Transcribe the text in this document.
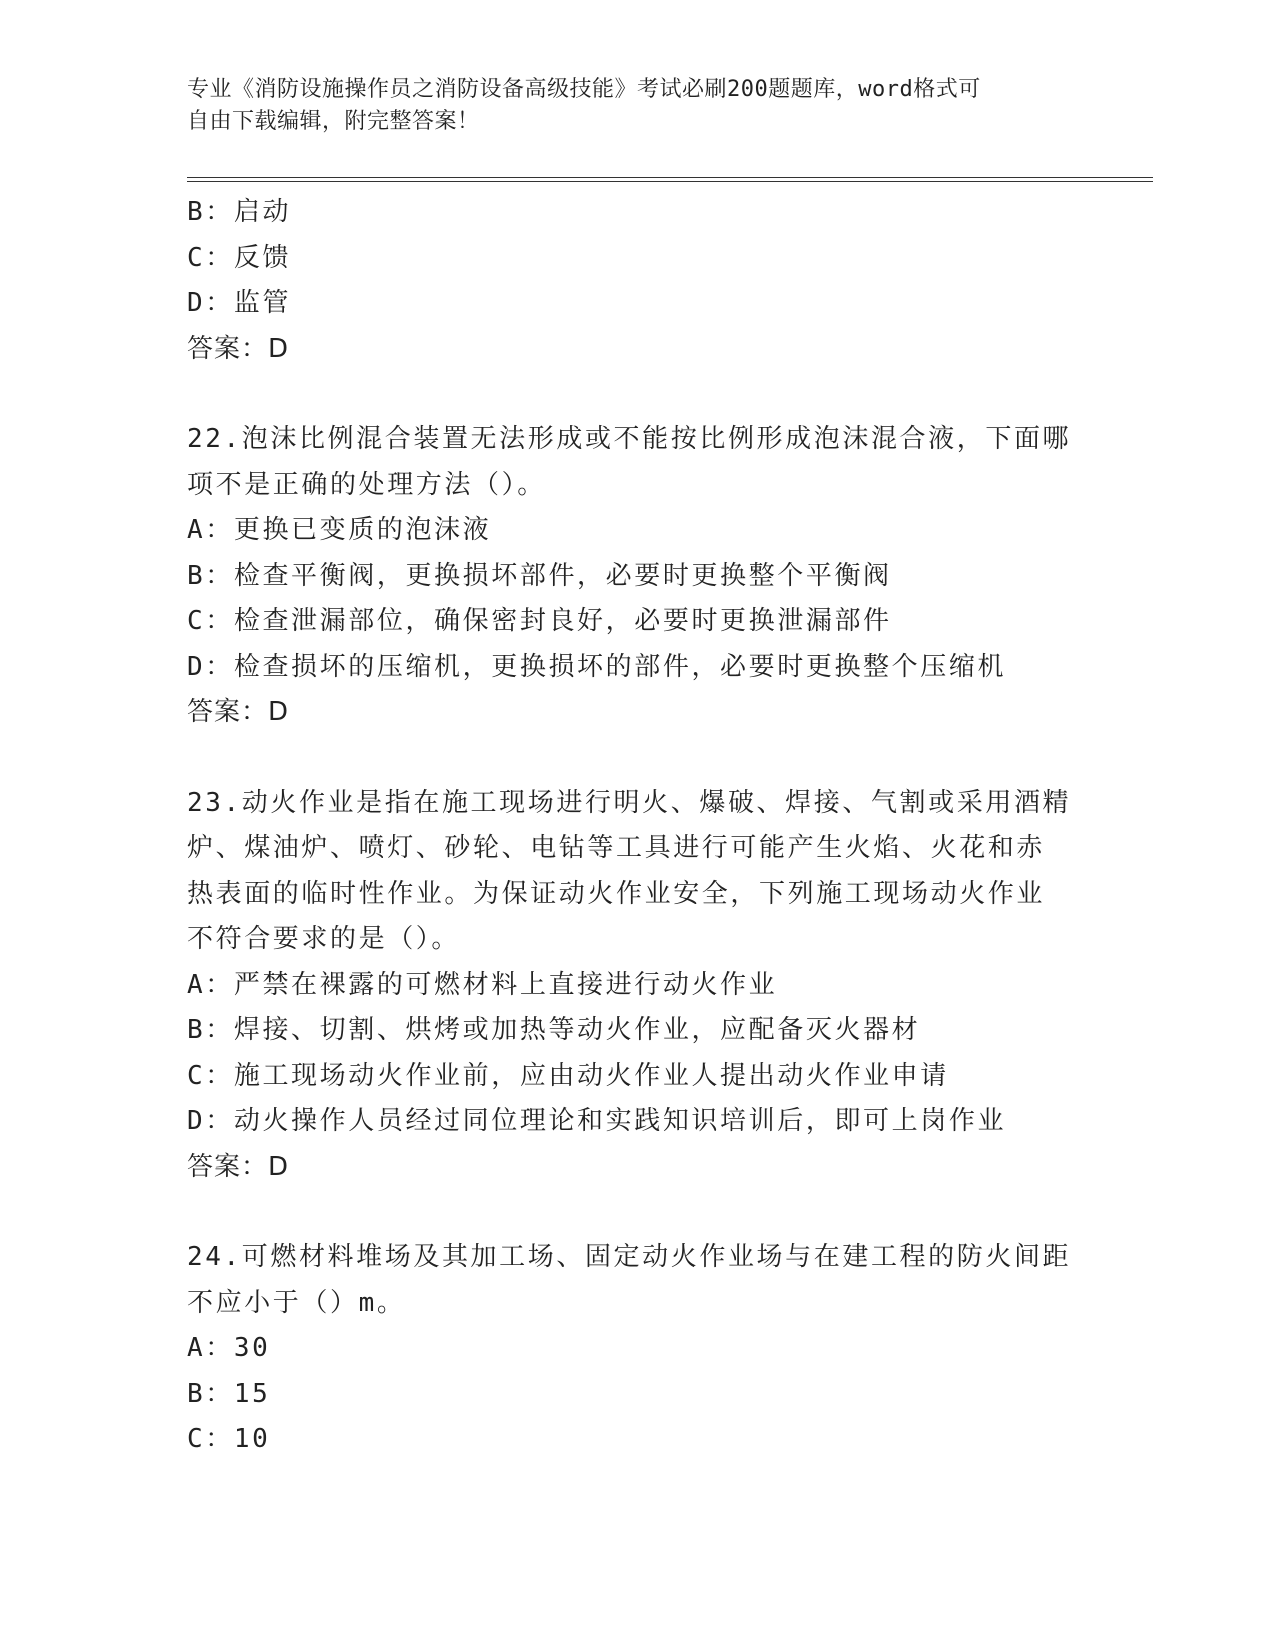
专业《消防设施操作员之消防设备高级技能》考试必刷200题题库，word格式可
自由下载编辑，附完整答案！

B：启动

C：反馈

D：监管

答案：D

22.泡沫比例混合装置无法形成或不能按比例形成泡沫混合液，下面哪

项不是正确的处理方法（）。

A：更换已变质的泡沫液

B：检查平衡阀，更换损坏部件，必要时更换整个平衡阀

C：检查泄漏部位，确保密封良好，必要时更换泄漏部件

D：检查损坏的压缩机，更换损坏的部件，必要时更换整个压缩机

答案：D

23.动火作业是指在施工现场进行明火、爆破、焊接、气割或采用酒精

炉、煤油炉、喷灯、砂轮、电钻等工具进行可能产生火焰、火花和赤

热表面的临时性作业。为保证动火作业安全，下列施工现场动火作业

不符合要求的是（）。

A：严禁在裸露的可燃材料上直接进行动火作业

B：焊接、切割、烘烤或加热等动火作业，应配备灭火器材

C：施工现场动火作业前，应由动火作业人提出动火作业申请

D：动火操作人员经过同位理论和实践知识培训后，即可上岗作业

答案：D

24.可燃材料堆场及其加工场、固定动火作业场与在建工程的防火间距

不应小于（）m。

A：30

B：15

C：10
